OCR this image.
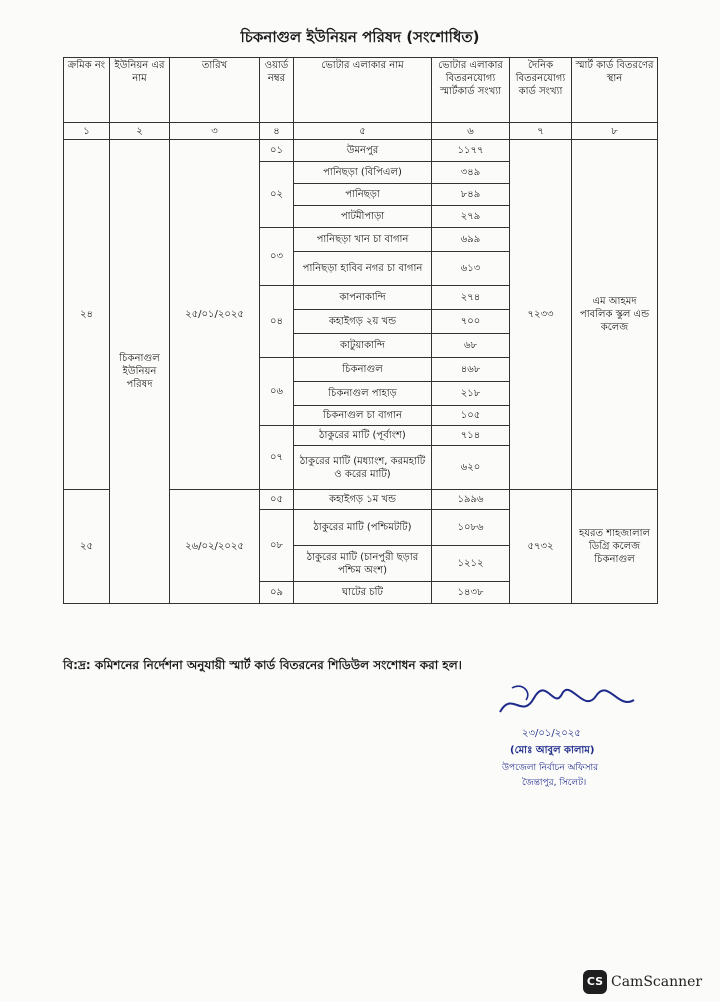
চিকনাগুল ইউনিয়ন পরিষদ (সংশোধিত)
ক্রমিক নং	ইউনিয়ন এর নাম	তারিখ	ওয়ার্ড নম্বর	ভোটার এলাকার নাম	ভোটার এলাকার বিতরনযোগ্য স্মার্টকার্ড সংখ্যা	দৈনিক বিতরনযোগ্য কার্ড সংখ্যা	স্মার্ট কার্ড বিতরণের স্থান
১	২	৩	৪	৫	৬	৭	৮
২৪	চিকনাগুল ইউনিয়ন পরিষদ	২৫/০১/২০২৫	০১	উমনপুর	১১৭৭	৭২৩৩	এম আহমদ পাবলিক স্কুল এন্ড কলেজ
			০২	পানিছড়া (বিপিএল)	৩৪৯		
				পানিছড়া	৮৪৯		
				পাটমীপাড়া	২৭৯		
			০৩	পানিছড়া খান চা বাগান	৬৯৯		
				পানিছড়া হাবিব নগর চা বাগান	৬১৩		
			০৪	কাপনাকান্দি	২৭৪		
				কহাইগড় ২য় খন্ড	৭০০		
				কাটুয়াকান্দি	৬৮		
			০৬	চিকনাগুল	৪৬৮		
				চিকনাগুল পাহাড়	২১৮		
				চিকনাগুল চা বাগান	১০৫		
			০৭	ঠাকুরের মাটি (পূর্বাংশ)	৭১৪		
				ঠাকুরের মাটি (মধ্যাংশ, করমহাটি ও করের মাটি)	৬২০		
২৫		২৬/০২/২০২৫	০৫	কহাইগড় ১ম খন্ড	১৯৯৬	৫৭৩২	হযরত শাহজালাল ডিগ্রি কলেজ চিকনাগুল
			০৮	ঠাকুরের মাটি (পশ্চিমটটি)	১০৮৬		
				ঠাকুরের মাটি (চানপুরী ছড়ার পশ্চিম অংশ)	১২১২		
			০৯	ঘাটের চটি	১৪৩৮		
বি:দ্র: কমিশনের নির্দেশনা অনুযায়ী স্মার্ট কার্ড বিতরনের শিডিউল সংশোধন করা হল।
২৩/০১/২০২৫
(মোঃ আবুল কালাম)
উপজেলা নির্বাচন অফিসার
জৈন্তাপুর, সিলেট।
CS CamScanner
